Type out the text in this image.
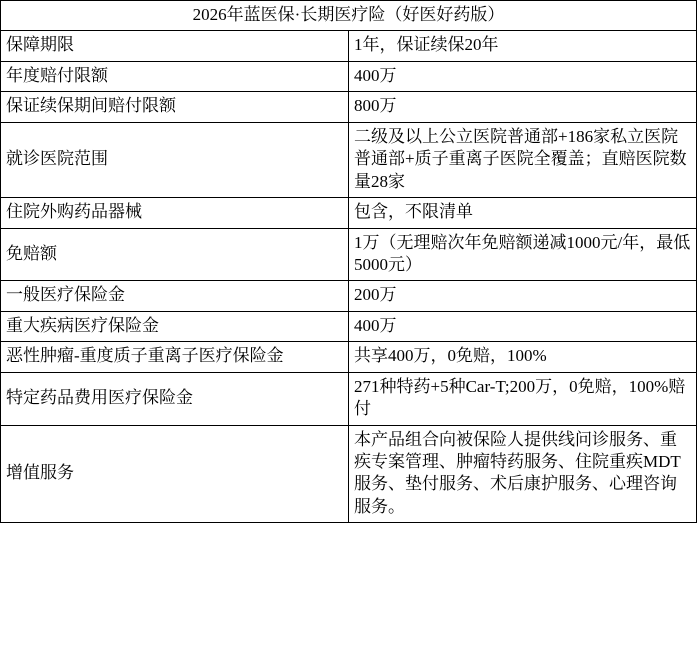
2026年蓝医保·长期医疗险（好医好药版）	
保障期限	1年，保证续保20年
年度赔付限额	400万
保证续保期间赔付限额	800万
就诊医院范围	二级及以上公立医院普通部+186家私立医院普通部+质子重离子医院全覆盖；直赔医院数量28家
住院外购药品器械	包含，不限清单
免赔额	1万（无理赔次年免赔额递减1000元/年，最低5000元）
一般医疗保险金	200万
重大疾病医疗保险金	400万
恶性肿瘤-重度质子重离子医疗保险金	共享400万，0免赔，100%
特定药品费用医疗保险金	271种特药+5种Car-T;200万，0免赔，100%赔付
增值服务	本产品组合向被保险人提供线问诊服务、重疾专案管理、肿瘤特药服务、住院重疾MDT服务、垫付服务、术后康护服务、心理咨询服务。
